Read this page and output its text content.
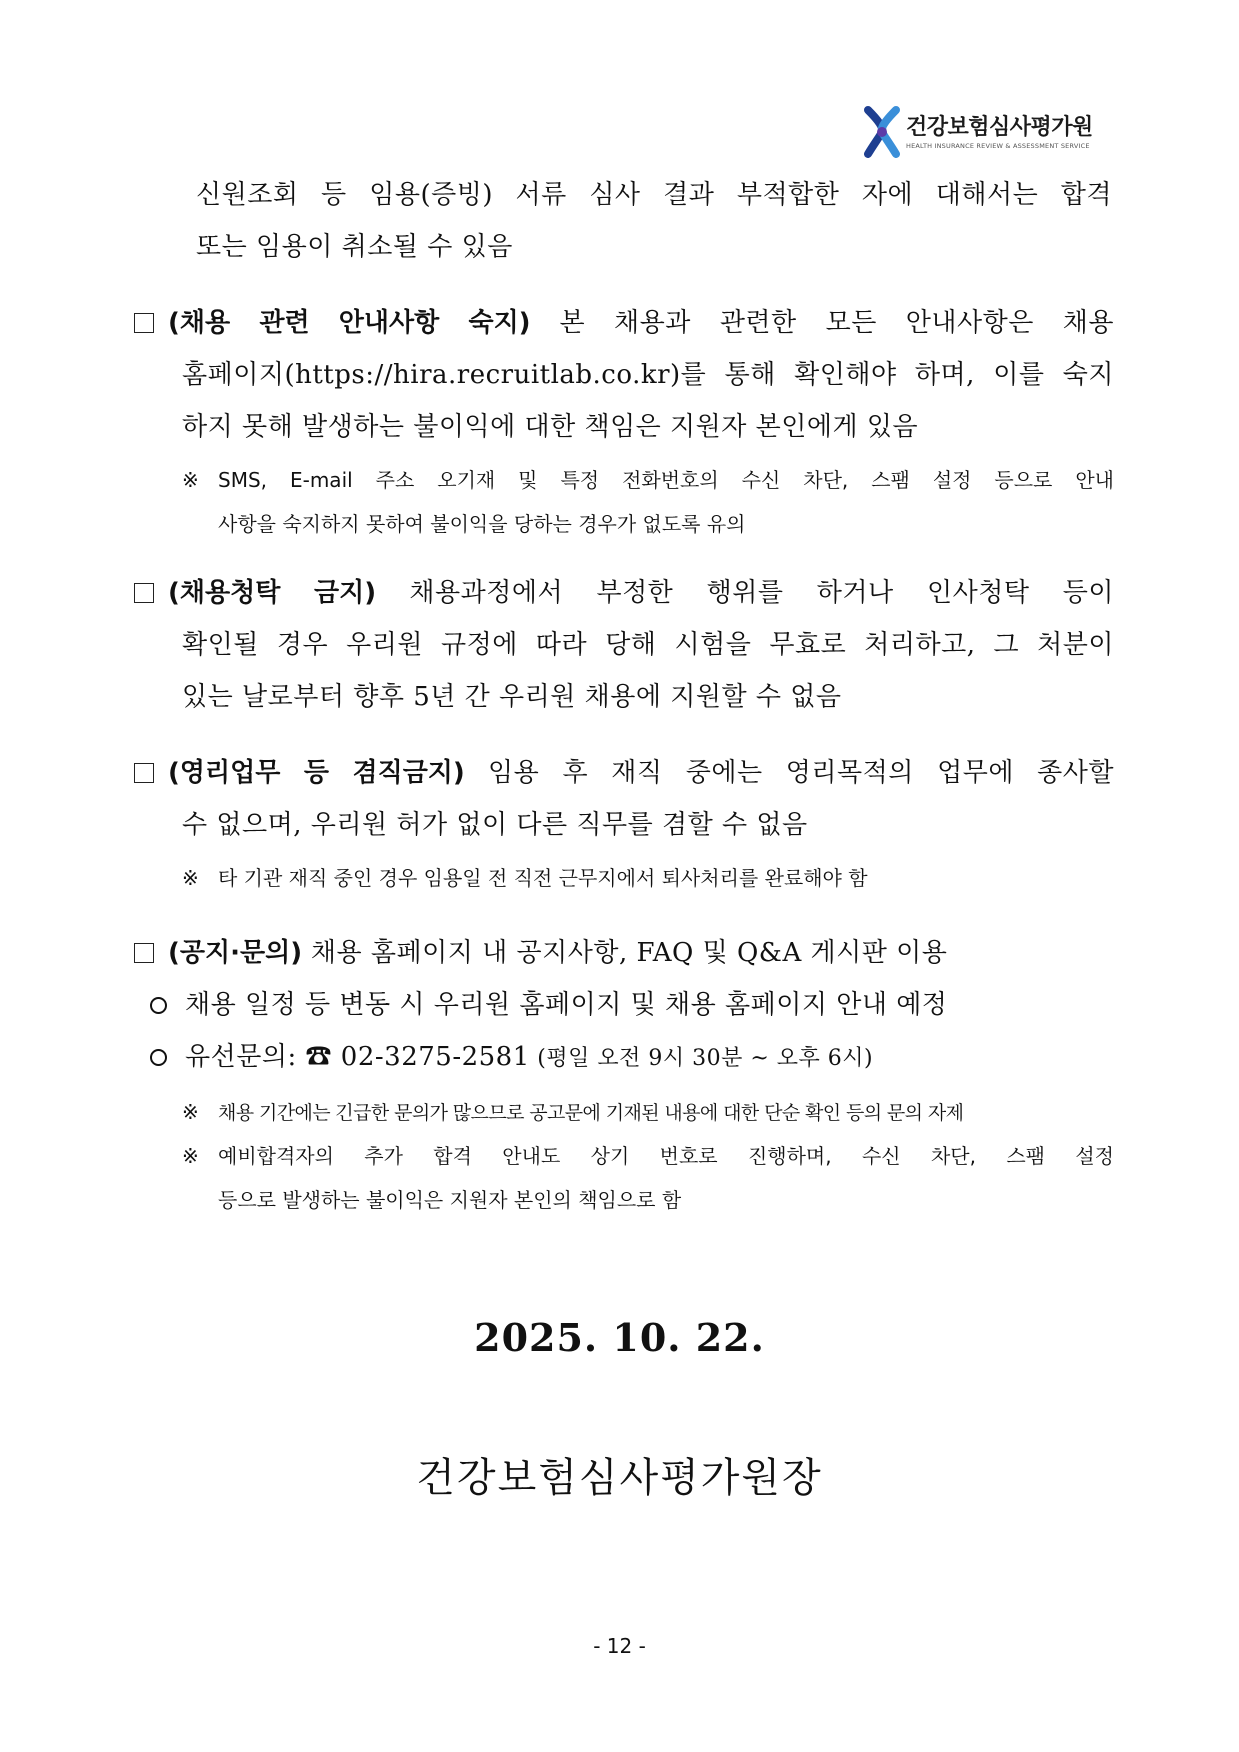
건강보험심사평가원
HEALTH INSURANCE REVIEW & ASSESSMENT SERVICE
신원조회 등 임용(증빙) 서류 심사 결과 부적합한 자에 대해서는 합격
또는 임용이 취소될 수 있음
(채용 관련 안내사항 숙지) 본 채용과 관련한 모든 안내사항은 채용
홈페이지(https://hira.recruitlab.co.kr)를 통해 확인해야 하며, 이를 숙지
하지 못해 발생하는 불이익에 대한 책임은 지원자 본인에게 있음
※ SMS, E-mail 주소 오기재 및 특정 전화번호의 수신 차단, 스팸 설정 등으로 안내
사항을 숙지하지 못하여 불이익을 당하는 경우가 없도록 유의
(채용청탁 금지) 채용과정에서 부정한 행위를 하거나 인사청탁 등이
확인될 경우 우리원 규정에 따라 당해 시험을 무효로 처리하고, 그 처분이
있는 날로부터 향후 5년 간 우리원 채용에 지원할 수 없음
(영리업무 등 겸직금지) 임용 후 재직 중에는 영리목적의 업무에 종사할
수 없으며, 우리원 허가 없이 다른 직무를 겸할 수 없음
※ 타 기관 재직 중인 경우 임용일 전 직전 근무지에서 퇴사처리를 완료해야 함
(공지·문의) 채용 홈페이지 내 공지사항, FAQ 및 Q&A 게시판 이용
채용 일정 등 변동 시 우리원 홈페이지 및 채용 홈페이지 안내 예정
유선문의: ☎ 02-3275-2581 (평일 오전 9시 30분 ~ 오후 6시)
※ 채용 기간에는 긴급한 문의가 많으므로 공고문에 기재된 내용에 대한 단순 확인 등의 문의 자제
※ 예비합격자의 추가 합격 안내도 상기 번호로 진행하며, 수신 차단, 스팸 설정
등으로 발생하는 불이익은 지원자 본인의 책임으로 함
2025. 10. 22.
건강보험심사평가원장
- 12 -
